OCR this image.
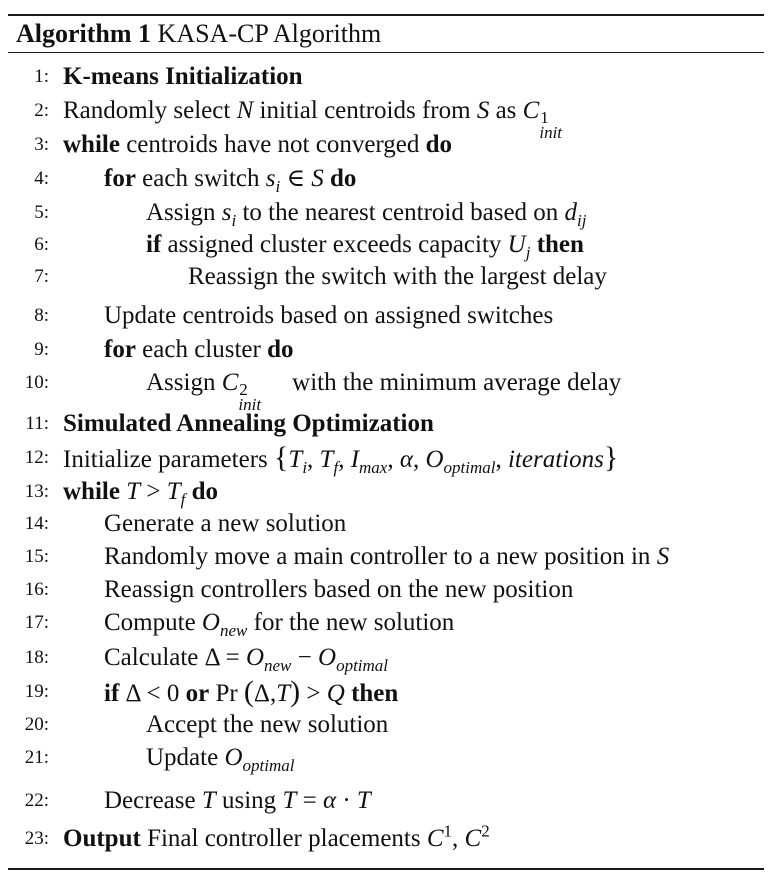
Algorithm 1 KASA-CP Algorithm
1: K-means Initialization
2: Randomly select N initial centroids from S as C 1
init
3: while centroids have not converged do
4: for each switch $s_i$ ∈ S do
5:	Assign $s_i$ to the nearest centroid based on $d_{ij}$
6:	if assigned cluster exceeds capacity $U_j$ then
7:	Reassign the switch with the largest delay
8: Update centroids based on assigned switches
9: for each cluster do
10:	Assign C 2
init
with the minimum average delay
11: Simulated Annealing Optimization
12: Initialize parameters {$T_i$, $T_f$, $I_{max}$, α, $O_{optimal}$, iterations}
13: while $T > T_f$ do
14: Generate a new solution
15: Randomly move a main controller to a new position in S
16: Reassign controllers based on the new position
17: Compute $O_{new}$ for the new solution
18: Calculate $\Delta = O_{new} - O_{optimal}$
19: if Δ < 0 or Pr (Δ,T) > Q then
20:	Accept the new solution
21:	Update $O_{optimal}$
22: Decrease T using T = α · T
23: Output Final controller placements $C^1$, $C^2$
